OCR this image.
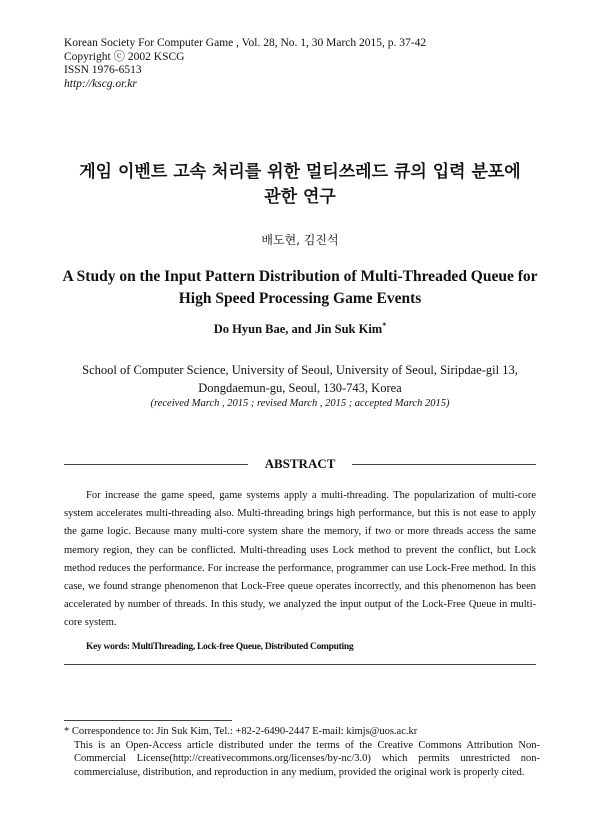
Korean Society For Computer Game , Vol. 28, No. 1, 30 March 2015, p. 37-42
Copyright ⓒ 2002 KSCG
ISSN 1976-6513
http://kscg.or.kr
게임 이벤트 고속 처리를 위한 멀티쓰레드 큐의 입력 분포에
관한 연구
배도현, 김진석
A Study on the Input Pattern Distribution of Multi-Threaded Queue for
High Speed Processing Game Events
Do Hyun Bae, and Jin Suk Kim*
School of Computer Science, University of Seoul, University of Seoul, Siripdae-gil 13,
Dongdaemun-gu, Seoul, 130-743, Korea
(received March , 2015 ; revised March , 2015 ; accepted March 2015)
ABSTRACT

For increase the game speed, game systems apply a multi-threading. The popularization of multi-core system accelerates multi-threading also. Multi-threading brings high performance, but this is not ease to apply the game logic. Because many multi-core system share the memory, if two or more threads access the same memory region, they can be conflicted. Multi-threading uses Lock method to prevent the conflict, but Lock method reduces the performance. For increase the performance, programmer can use Lock-Free method. In this case, we found strange phenomenon that Lock-Free queue operates incorrectly, and this phenomenon has been accelerated by number of threads. In this study, we analyzed the input output of the Lock-Free Queue in multi-core system.

Key words: MultiThreading, Lock-free Queue, Distributed Computing
* Correspondence to: Jin Suk Kim, Tel.: +82-2-6490-2447 E-mail: kimjs@uos.ac.kr
This is an Open-Access article distributed under the terms of the Creative Commons Attribution Non-Commercial License(http://creativecommons.org/licenses/by-nc/3.0) which permits unrestricted non-commercialuse, distribution, and reproduction in any medium, provided the original work is properly cited.
